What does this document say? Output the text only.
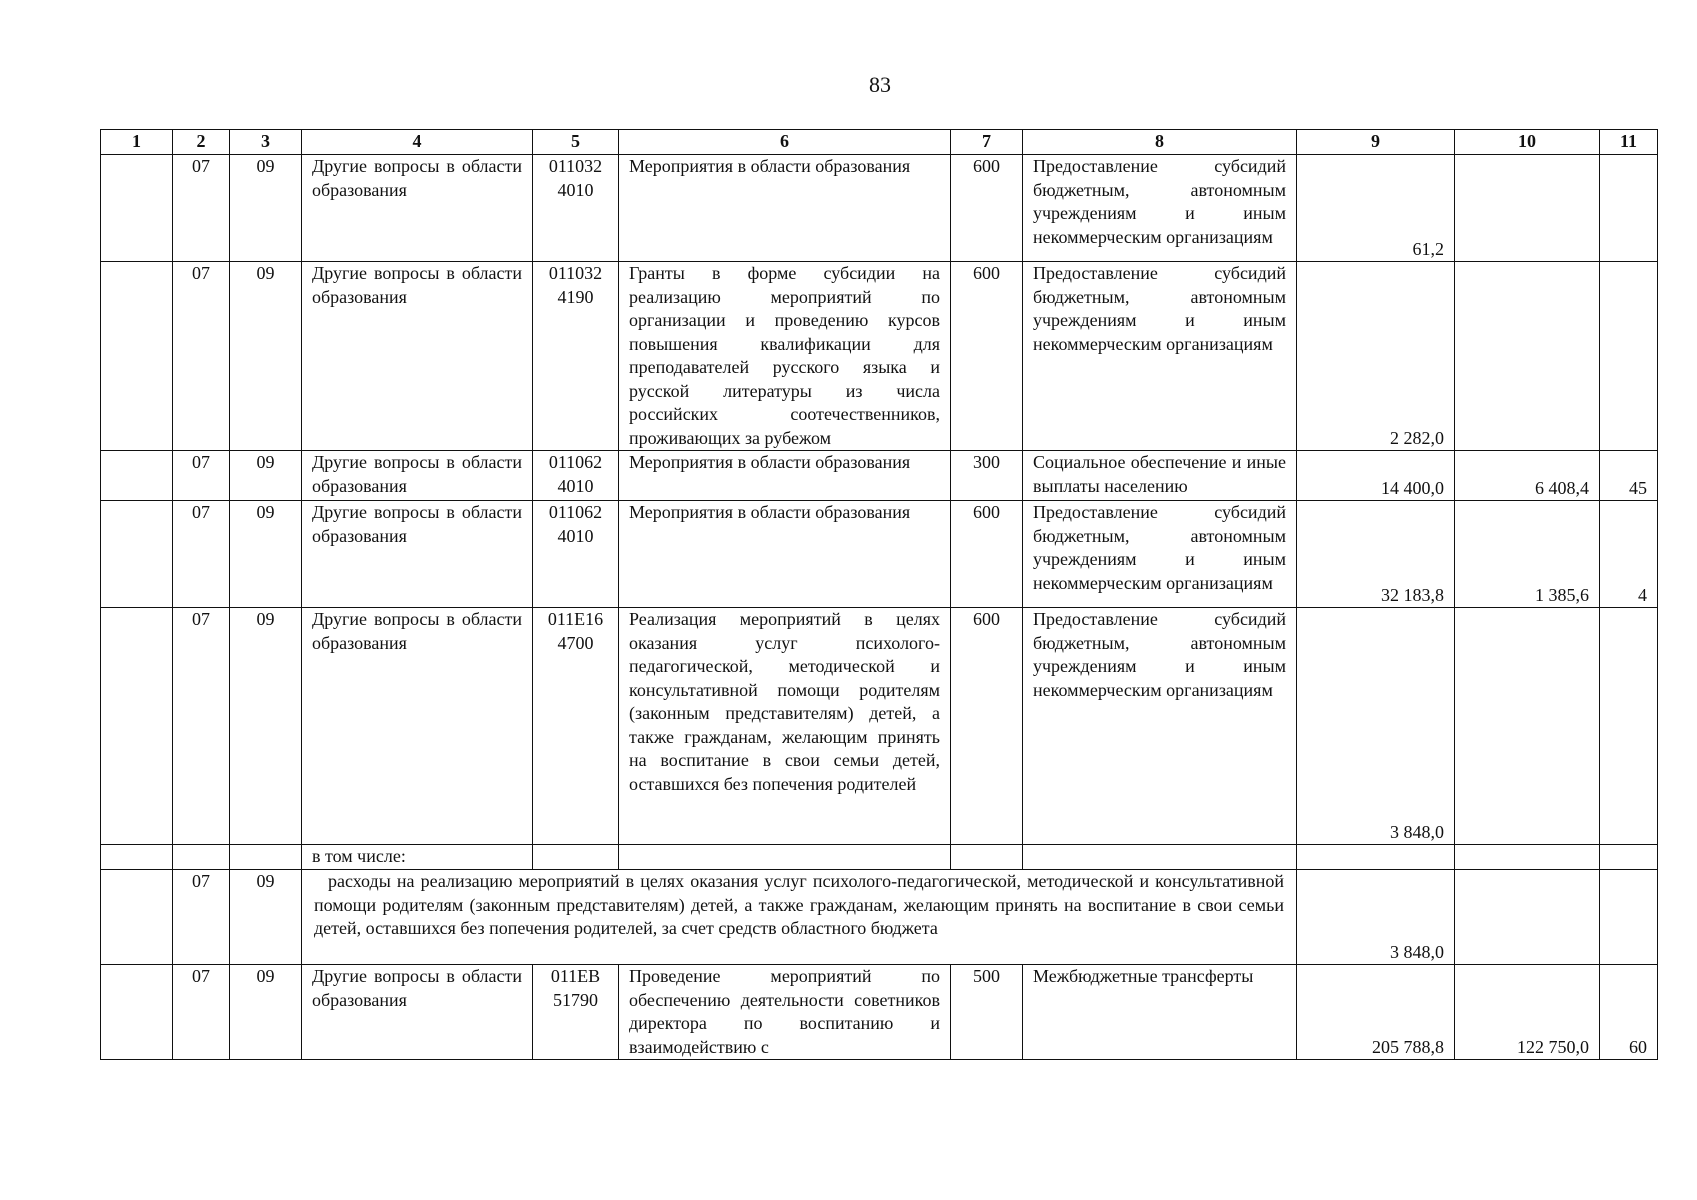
83
1	2	3	4	5	6	7	8	9	10	11
	07	09	Другие вопросы в области образования	011032 4010	Мероприятия в области образования	600	Предоставление субсидий бюджетным, автономным учреждениям и иным некоммерческим организациям	61,2		
	07	09	Другие вопросы в области образования	011032 4190	Гранты в форме субсидии на реализацию мероприятий по организации и проведению курсов повышения квалификации для преподавателей русского языка и русской литературы из числа российских соотечественников, проживающих за рубежом	600	Предоставление субсидий бюджетным, автономным учреждениям и иным некоммерческим организациям	2 282,0		
	07	09	Другие вопросы в области образования	011062 4010	Мероприятия в области образования	300	Социальное обеспечение и иные выплаты населению	14 400,0	6 408,4	45
	07	09	Другие вопросы в области образования	011062 4010	Мероприятия в области образования	600	Предоставление субсидий бюджетным, автономным учреждениям и иным некоммерческим организациям	32 183,8	1 385,6	4
	07	09	Другие вопросы в области образования	011E16 4700	Реализация мероприятий в целях оказания услуг психолого-педагогической, методической и консультативной помощи родителям (законным представителям) детей, а также гражданам, желающим принять на воспитание в свои семьи детей, оставшихся без попечения родителей	600	Предоставление субсидий бюджетным, автономным учреждениям и иным некоммерческим организациям	3 848,0		
			в том числе:							
	07	09	расходы на реализацию мероприятий в целях оказания услуг психолого-педагогической, методической и консультативной помощи родителям (законным представителям) детей, а также гражданам, желающим принять на воспитание в свои семьи детей, оставшихся без попечения родителей, за счет средств областного бюджета					3 848,0		
	07	09	Другие вопросы в области образования	011EB 51790	Проведение мероприятий по обеспечению деятельности советников директора по воспитанию и взаимодействию с	500	Межбюджетные трансферты	205 788,8	122 750,0	60
